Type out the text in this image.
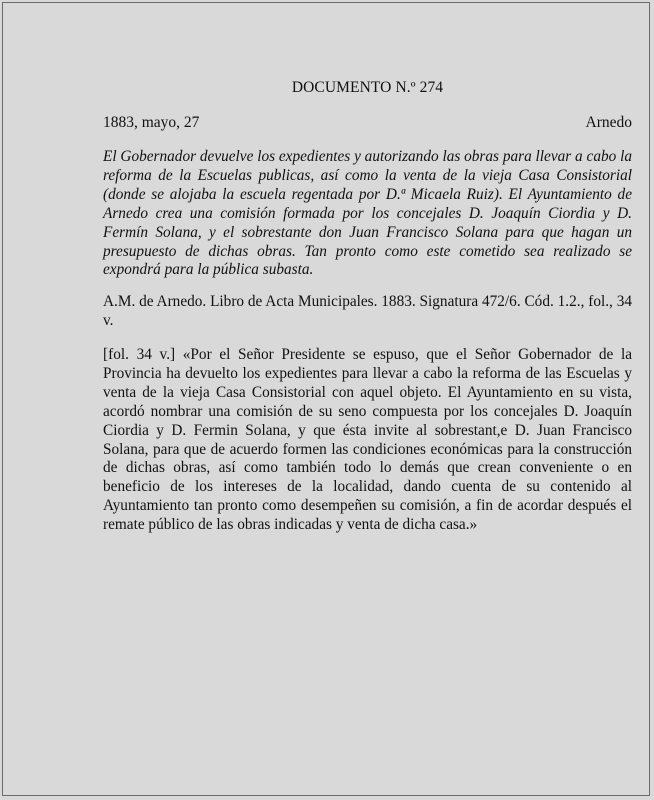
DOCUMENTO N.º 274
1883, mayo, 27	Arnedo

El Gobernador devuelve los expedientes y autorizando las obras para llevar a cabo la reforma de la Escuelas publicas, así como la venta de la vieja Casa Consistorial (donde se alojaba la escuela regentada por D.ª Micaela Ruiz). El Ayuntamiento de Arnedo crea una comisión formada por los concejales D. Joaquín Ciordia y D. Fermín Solana, y el sobrestante don Juan Francisco Solana para que hagan un presupuesto de dichas obras. Tan pronto como este cometido sea realizado se expondrá para la pública subasta.

A.M. de Arnedo. Libro de Acta Municipales. 1883. Signatura 472/6. Cód. 1.2., fol., 34 v.

[fol. 34 v.] «Por el Señor Presidente se espuso, que el Señor Gobernador de la Provincia ha devuelto los expedientes para llevar a cabo la reforma de las Escuelas y venta de la vieja Casa Consistorial con aquel objeto. El Ayuntamiento en su vista, acordó nombrar una comisión de su seno compuesta por los concejales D. Joaquín Ciordia y D. Fermin Solana, y que ésta invite al sobrestant,e D. Juan Francisco Solana, para que de acuerdo formen las condiciones económicas para la construcción de dichas obras, así como también todo lo demás que crean conveniente o en beneficio de los intereses de la localidad, dando cuenta de su contenido al Ayuntamiento tan pronto como desempeñen su comisión, a fin de acordar después el remate público de las obras indicadas y venta de dicha casa.»
